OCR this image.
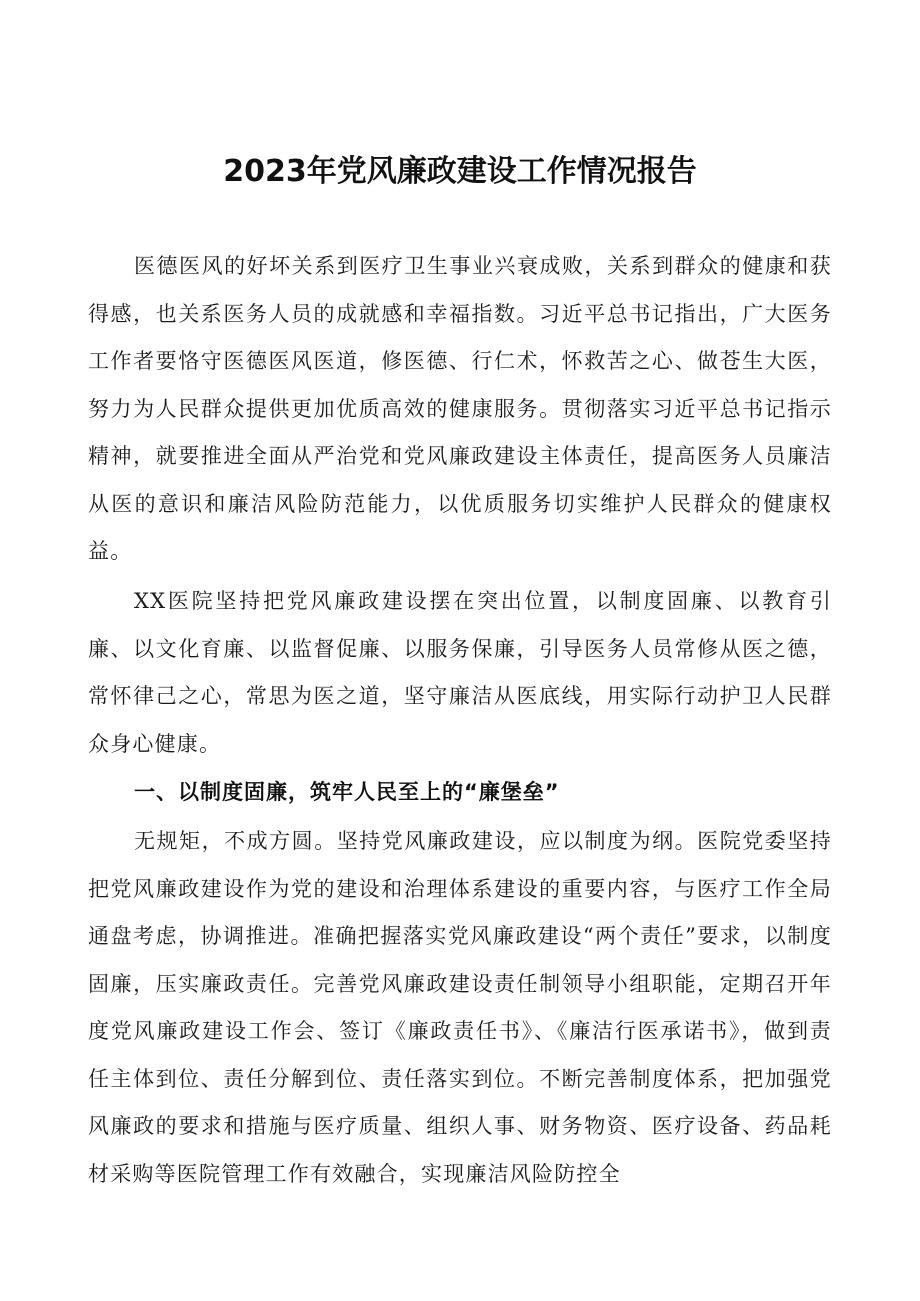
2023年党风廉政建设工作情况报告

医德医风的好坏关系到医疗卫生事业兴衰成败，关系到群众的健康和获得感，也关系医务人员的成就感和幸福指数。习近平总书记指出，广大医务工作者要恪守医德医风医道，修医德、行仁术，怀救苦之心、做苍生大医，努力为人民群众提供更加优质高效的健康服务。贯彻落实习近平总书记指示精神，就要推进全面从严治党和党风廉政建设主体责任，提高医务人员廉洁从医的意识和廉洁风险防范能力，以优质服务切实维护人民群众的健康权益。

XX医院坚持把党风廉政建设摆在突出位置，以制度固廉、以教育引廉、以文化育廉、以监督促廉、以服务保廉，引导医务人员常修从医之德，常怀律己之心，常思为医之道，坚守廉洁从医底线，用实际行动护卫人民群众身心健康。

一、以制度固廉，筑牢人民至上的“廉堡垒”

无规矩，不成方圆。坚持党风廉政建设，应以制度为纲。医院党委坚持把党风廉政建设作为党的建设和治理体系建设的重要内容，与医疗工作全局通盘考虑，协调推进。准确把握落实党风廉政建设“两个责任”要求，以制度固廉，压实廉政责任。完善党风廉政建设责任制领导小组职能，定期召开年度党风廉政建设工作会、签订《廉政责任书》、《廉洁行医承诺书》，做到责任主体到位、责任分解到位、责任落实到位。不断完善制度体系，把加强党风廉政的要求和措施与医疗质量、组织人事、财务物资、医疗设备、药品耗材采购等医院管理工作有效融合，实现廉洁风险防控全
